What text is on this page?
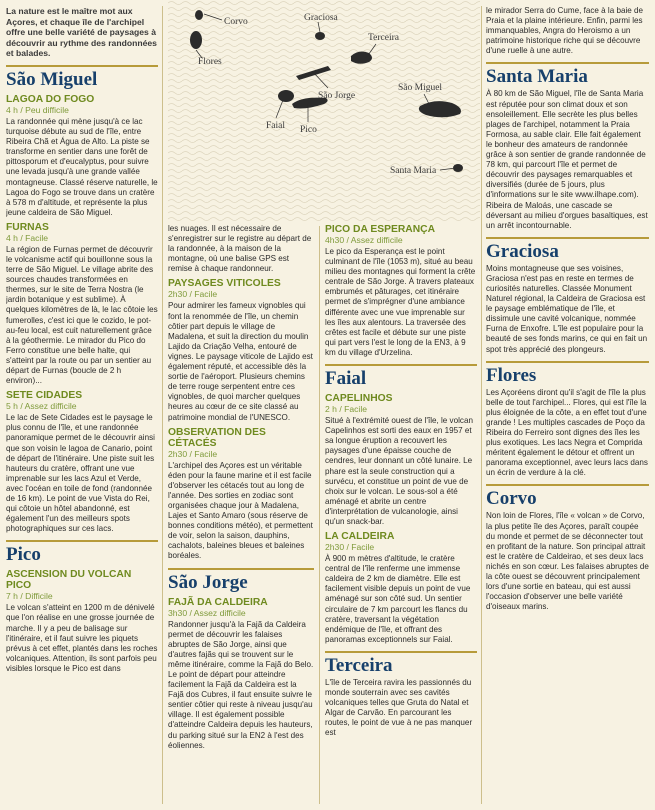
La nature est le maître mot aux Açores, et chaque île de l'archipel offre une belle variété de paysages à découvrir au rythme des randonnées et balades.

São Miguel
LAGOA DO FOGO
4 h / Peu difficile

La randonnée qui mène jusqu'à ce lac turquoise débute au sud de l'île, entre Ribeira Chã et Água de Alto. La piste se transforme en sentier dans une forêt de pittosporum et d'eucalyptus, pour suivre une levada jusqu'à une grande vallée montagneuse. Classé réserve naturelle, le Lagoa do Fogo se trouve dans un cratère à 578 m d'altitude, et représente la plus jeune caldeira de São Miguel.

FURNAS
4 h / Facile

La région de Furnas permet de découvrir le volcanisme actif qui bouillonne sous la terre de São Miguel. Le village abrite des sources chaudes transformées en thermes, sur le site de Terra Nostra (le jardin botanique y est sublime). À quelques kilomètres de là, le lac côtoie les fumerolles, c'est ici que le cozido, le pot-au-feu local, est cuit naturellement grâce à la géothermie. Le mirador du Pico do Ferro constitue une belle halte, qui s'atteint par la route ou par un sentier au départ de Furnas (boucle de 2 h environ)...

SETE CIDADES
5 h / Assez difficile

Le lac de Sete Cidades est le paysage le plus connu de l'île, et une randonnée panoramique permet de le découvrir ainsi que son voisin le lagoa de Canario, point de départ de l'itinéraire. Une piste suit les hauteurs du cratère, offrant une vue imprenable sur les lacs Azul et Verde, avec l'océan en toile de fond (randonnée de 16 km). Le point de vue Vista do Rei, qui côtoie un hôtel abandonné, est également l'un des meilleurs spots photographiques sur ces lacs.

Pico
ASCENSION DU VOLCAN PICO
7 h / Difficile

Le volcan s'atteint en 1200 m de dénivelé que l'on réalise en une grosse journée de marche. Il y a peu de balisage sur l'itinéraire, et il faut suivre les piquets prévus à cet effet, plantés dans les roches volcaniques. Attention, ils sont parfois peu visibles lorsque le Pico est dans

Corvo
Flores
Graciosa
Terceira
Faial Pico
São Jorge
São Miguel
Santa Maria

les nuages. Il est nécessaire de s'enregistrer sur le registre au départ de la randonnée, à la maison de la montagne, où une balise GPS est remise à chaque randonneur.

PAYSAGES VITICOLES
2h30 / Facile

Pour admirer les fameux vignobles qui font la renommée de l'île, un chemin côtier part depuis le village de Madalena, et suit la direction du moulin Lajido da Criação Velha, entouré de vignes. Le paysage viticole de Lajido est également réputé, et accessible dès la sortie de l'aéroport. Plusieurs chemins de terre rouge serpentent entre ces vignobles, de quoi marcher quelques heures au cœur de ce site classé au patrimoine mondial de l'UNESCO.

OBSERVATION DES CÉTACÉS
2h30 / Facile

L'archipel des Açores est un véritable éden pour la faune marine et il est facile d'observer les cétacés tout au long de l'année. Des sorties en zodiac sont organisées chaque jour à Madalena, Lajes et Santo Amaro (sous réserve de bonnes conditions météo), et permettent de voir, selon la saison, dauphins, cachalots, baleines bleues et baleines boréales.

São Jorge
FAJÃ DA CALDEIRA
3h30 / Assez difficile

Randonner jusqu'à la Fajã da Caldeira permet de découvrir les falaises abruptes de São Jorge, ainsi que d'autres fajãs qui se trouvent sur le même itinéraire, comme la Fajã do Belo. Le point de départ pour atteindre facilement la Fajã da Caldeira est la Fajã dos Cubres, il faut ensuite suivre le sentier côtier qui reste à niveau jusqu'au village. Il est également possible d'atteindre Caldeira depuis les hauteurs, du parking situé sur la EN2 à l'est des éoliennes.

PICO DA ESPERANÇA
4h30 / Assez difficile

Le pico da Esperança est le point culminant de l'île (1053 m), situé au beau milieu des montagnes qui forment la crête centrale de São Jorge. À travers plateaux embrumés et pâturages, cet itinéraire permet de s'imprégner d'une ambiance différente avec une vue imprenable sur les îles aux alentours. La traversée des crêtes est facile et débute sur une piste qui part vers l'est le long de la EN3, à 9 km du village d'Urzelina.

Faial
CAPELINHOS
2 h / Facile

Situé à l'extrémité ouest de l'île, le volcan Capelinhos est sorti des eaux en 1957 et sa longue éruption a recouvert les paysages d'une épaisse couche de cendres, leur donnant un côté lunaire. Le phare est la seule construction qui a survécu, et constitue un point de vue de choix sur le volcan. Le sous-sol a été aménagé et abrite un centre d'interprétation de vulcanologie, ainsi qu'un snack-bar.

LA CALDEIRA
2h30 / Facile

À 900 m mètres d'altitude, le cratère central de l'île renferme une immense caldeira de 2 km de diamètre. Elle est facilement visible depuis un point de vue aménagé sur son côté sud. Un sentier circulaire de 7 km parcourt les flancs du cratère, traversant la végétation endémique de l'île, et offrant des panoramas exceptionnels sur Faial.

Terceira

L'île de Terceira ravira les passionnés du monde souterrain avec ses cavités volcaniques telles que Gruta do Natal et Algar de Carvão. En parcourant les routes, le point de vue à ne pas manquer est

le mirador Serra do Cume, face à la baie de Praia et la plaine intérieure. Enfin, parmi les immanquables, Angra do Heroismo a un patrimoine historique riche qui se découvre d'une ruelle à une autre.

Santa Maria

À 80 km de São Miguel, l'île de Santa Maria est réputée pour son climat doux et son ensoleillement. Elle secrète les plus belles plages de l'archipel, notamment la Praia Formosa, au sable clair. Elle fait également le bonheur des amateurs de randonnée grâce à son sentier de grande randonnée de 78 km, qui parcourt l'île et permet de découvrir des paysages remarquables et diversifiés (durée de 5 jours, plus d'informations sur le site www.ilhape.com). Ribeira de Maloás, une cascade se déversant au milieu d'orgues basaltiques, est un arrêt incontournable.

Graciosa

Moins montagneuse que ses voisines, Graciosa n'est pas en reste en termes de curiosités naturelles. Classée Monument Naturel régional, la Caldeira de Graciosa est le paysage emblématique de l'île, et dissimule une cavité volcanique, nommée Furna de Enxofre. L'île est populaire pour la beauté de ses fonds marins, ce qui en fait un spot très apprécié des plongeurs.

Flores

Les Açoréens diront qu'il s'agit de l'île la plus belle de tout l'archipel... Flores, qui est l'île la plus éloignée de la côte, a en effet tout d'une grande ! Les multiples cascades de Poço da Ribeira do Ferreiro sont dignes des îles les plus exotiques. Les lacs Negra et Comprida méritent également le détour et offrent un panorama exceptionnel, avec leurs lacs dans un écrin de verdure à la clé.

Corvo

Non loin de Flores, l'île « volcan » de Corvo, la plus petite île des Açores, paraît coupée du monde et permet de se déconnecter tout en profitant de la nature. Son principal attrait est le cratère de Caldeirao, et ses deux lacs nichés en son cœur. Les falaises abruptes de la côte ouest se découvrent principalement lors d'une sortie en bateau, qui est aussi l'occasion d'observer une belle variété d'oiseaux marins.
